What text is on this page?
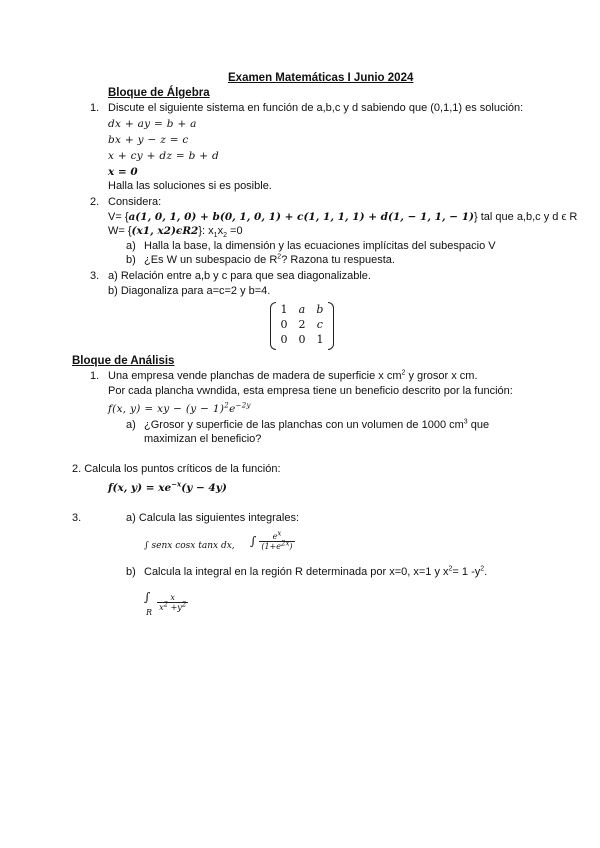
Examen Matemáticas I Junio 2024
Bloque de Álgebra
1. Discute el siguiente sistema en función de a,b,c y d sabiendo que (0,1,1) es solución:
dx + ay = b + a
bx + y − z = c
x + cy + dz = b + d
x = 0
Halla las soluciones si es posible.
2. Considera:
V= {a(1, 0, 1, 0) + b(0, 1, 0, 1) + c(1, 1, 1, 1) + d(1, − 1, 1, − 1)} tal que a,b,c y d ϵ R
W= {(x1, x2)ϵR2}: $x_1x_2 =0$
a) Halla la base, la dimensión y las ecuaciones implícitas del subespacio V
b) ¿Es W un subespacio de $R^2$? Razona tu respuesta.
3. a) Relación entre a,b y c para que sea diagonalizable.
b) Diagonaliza para a=c=2 y b=4.
1	a b
0	2	c
0	0	1
Bloque de Análisis
1. Una empresa vende planchas de madera de superficie x $cm^2$ y grosor x cm.
Por cada plancha vwndida, esta empresa tiene un beneficio descrito por la función:
f(x, y) = xy − $(y - 1)^2e^{-2y}$
a) ¿Grosor y superficie de las planchas con un volumen de 1000 $cm^3$ que
maximizan el beneficio?
2. Calcula los puntos críticos de la función:
f(x, $y) = xe^{-x}(y - 4y)$
3.	a) Calcula las siguientes integrales:
∫ senx cosx tanx dx, ∫ $\frac{e^x}{(1+e^{2x})}$
b) Calcula la integral en la región R determinada por x=0, x=1 y $x^2= 1$ $-y^2$.
∫
R
$\frac{x}{x^2 +y^2}$
